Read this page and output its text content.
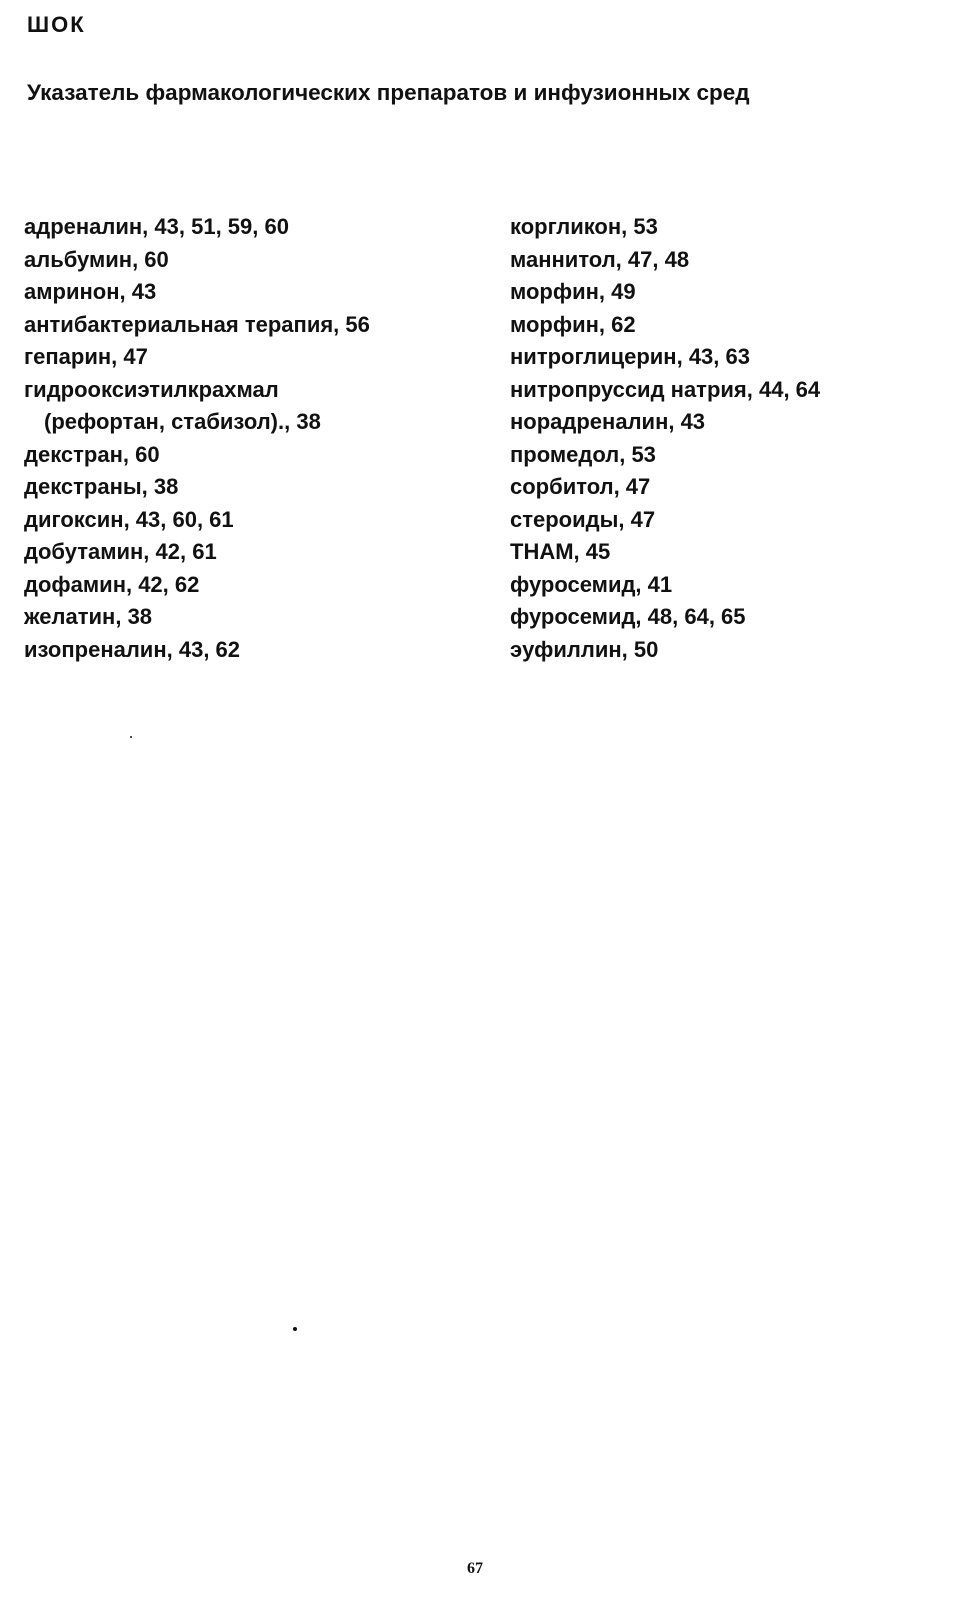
ШОК

Указатель фармакологических препаратов и инфузионных сред
адреналин, 43, 51, 59, 60
альбумин, 60
амринон, 43
антибактериальная терапия, 56
гепарин, 47
гидрооксиэтилкрахмал
(рефортан, стабизол)., 38
декстран, 60
декстраны, 38
дигоксин, 43, 60, 61
добутамин, 42, 61
дофамин, 42, 62
желатин, 38
изопреналин, 43, 62
коргликон, 53
маннитол, 47, 48
морфин, 49
морфин, 62
нитроглицерин, 43, 63
нитропруссид натрия, 44, 64
норадреналин, 43
промедол, 53
сорбитол, 47
стероиды, 47
THAM, 45
фуросемид, 41
фуросемид, 48, 64, 65
эуфиллин, 50

67
